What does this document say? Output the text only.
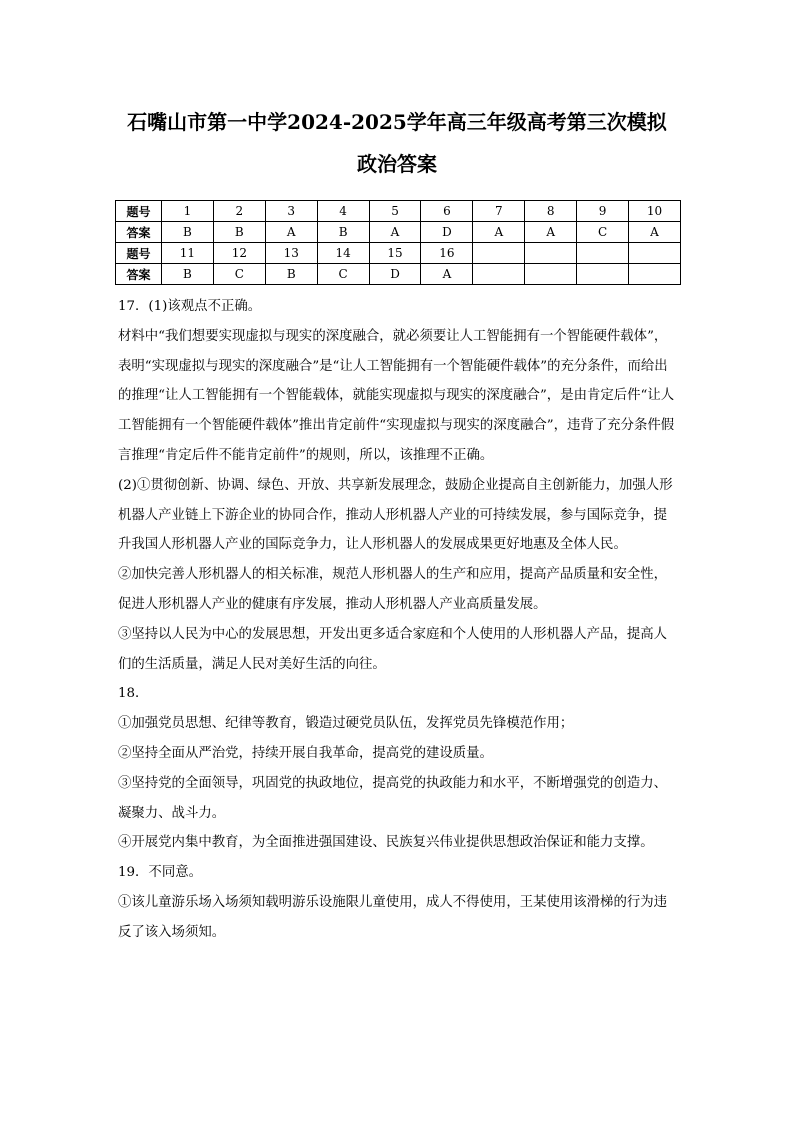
石嘴山市第一中学2024-2025学年高三年级高考第三次模拟
政治答案
题号	1	2	3	4	5	6	7	8	9	10
答案	B	B	A	B	A	D	A	A	C	A
题号	11	12	13	14	15	16				
答案	B	C	B	C	D	A				

17．(1)该观点不正确。

材料中“我们想要实现虚拟与现实的深度融合，就必须要让人工智能拥有一个智能硬件载体”，表明“实现虚拟与现实的深度融合”是“让人工智能拥有一个智能硬件载体”的充分条件，而给出的推理“让人工智能拥有一个智能载体，就能实现虚拟与现实的深度融合”，是由肯定后件“让人工智能拥有一个智能硬件载体”推出肯定前件“实现虚拟与现实的深度融合”，违背了充分条件假言推理“肯定后件不能肯定前件”的规则，所以，该推理不正确。

(2)①贯彻创新、协调、绿色、开放、共享新发展理念，鼓励企业提高自主创新能力，加强人形机器人产业链上下游企业的协同合作，推动人形机器人产业的可持续发展，参与国际竞争，提升我国人形机器人产业的国际竞争力，让人形机器人的发展成果更好地惠及全体人民。

②加快完善人形机器人的相关标准，规范人形机器人的生产和应用，提高产品质量和安全性，促进人形机器人产业的健康有序发展，推动人形机器人产业高质量发展。

③坚持以人民为中心的发展思想，开发出更多适合家庭和个人使用的人形机器人产品，提高人们的生活质量，满足人民对美好生活的向往。

18．

①加强党员思想、纪律等教育，锻造过硬党员队伍，发挥党员先锋模范作用；

②坚持全面从严治党，持续开展自我革命，提高党的建设质量。

③坚持党的全面领导，巩固党的执政地位，提高党的执政能力和水平，不断增强党的创造力、凝聚力、战斗力。

④开展党内集中教育，为全面推进强国建设、民族复兴伟业提供思想政治保证和能力支撑。

19．不同意。

①该儿童游乐场入场须知载明游乐设施限儿童使用，成人不得使用，王某使用该滑梯的行为违反了该入场须知。
